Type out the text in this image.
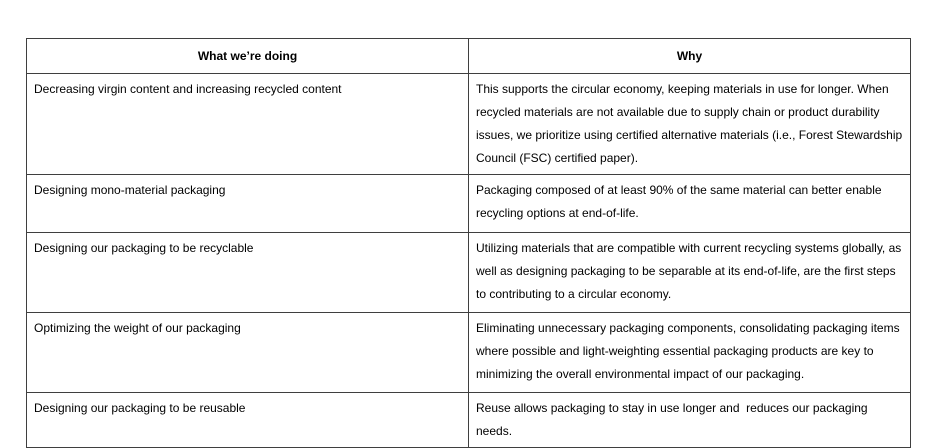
What we’re doing	Why
Decreasing virgin content and increasing recycled content	This supports the circular economy, keeping materials in use for longer. When recycled materials are not available due to supply chain or product durability issues, we prioritize using certified alternative materials (i.e., Forest Stewardship Council (FSC) certified paper).
Designing mono-material packaging	Packaging composed of at least 90% of the same material can better enable recycling options at end-of-life.
Designing our packaging to be recyclable	Utilizing materials that are compatible with current recycling systems globally, as well as designing packaging to be separable at its end-of-life, are the first steps to contributing to a circular economy.
Optimizing the weight of our packaging	Eliminating unnecessary packaging components, consolidating packaging items where possible and light-weighting essential packaging products are key to minimizing the overall environmental impact of our packaging.
Designing our packaging to be reusable	Reuse allows packaging to stay in use longer and  reduces our packaging needs.
